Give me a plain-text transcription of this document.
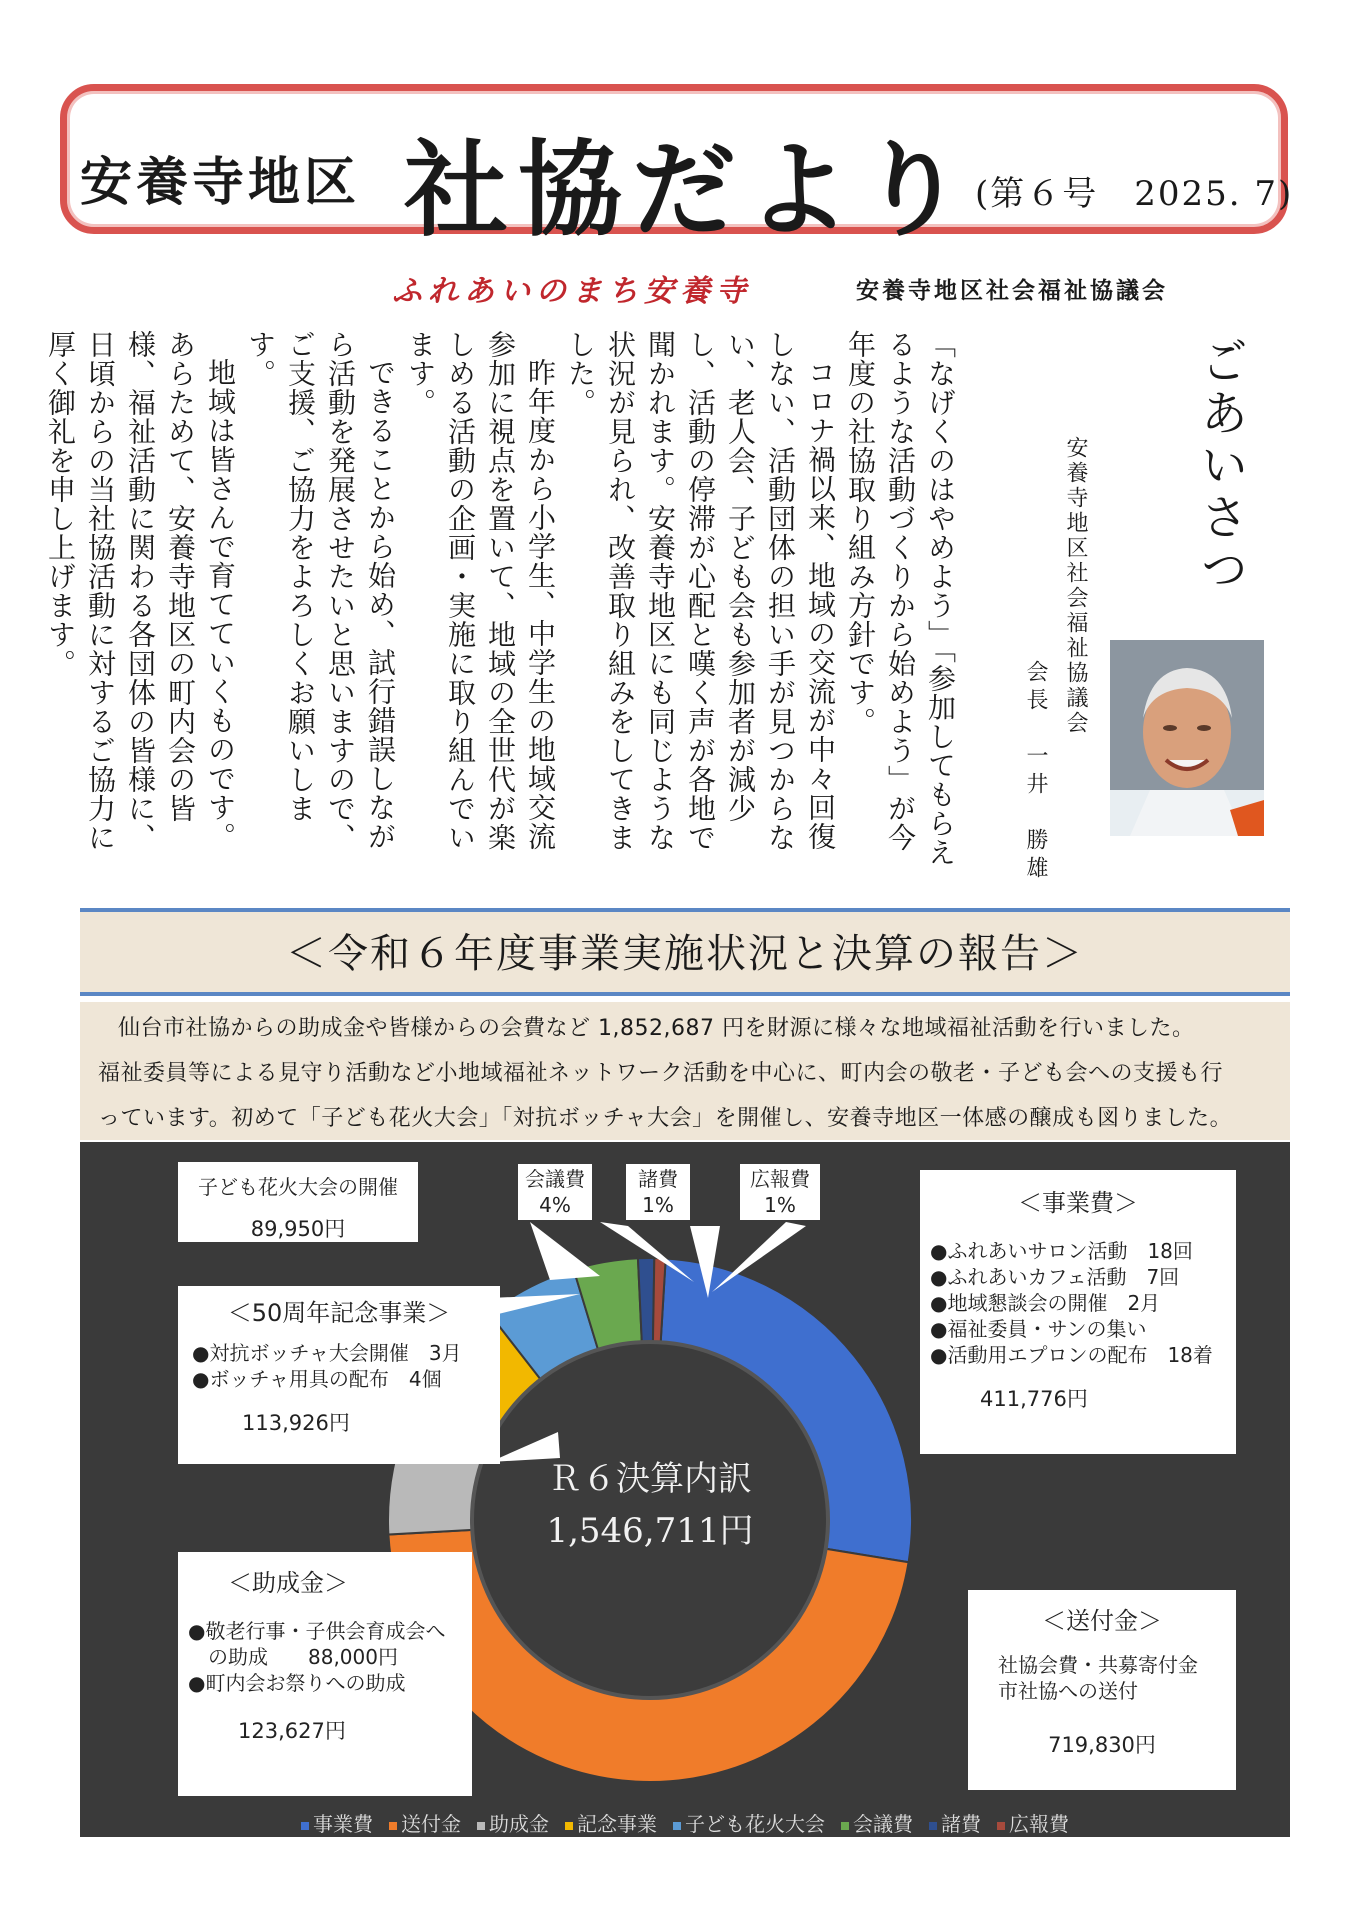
安養寺地区 社協だより (第６号　2025. 7)
ふれあいのまち安養寺	安養寺地区社会福祉協議会
ごあいさつ
安養寺地区社会福祉協議会
会長　一井　勝雄

「なげくのはやめよう」「参加してもらえるような活動づくりから始めよう」が今年度の社協取り組み方針です。

コロナ禍以来、地域の交流が中々回復しない、活動団体の担い手が見つからない、老人会、子ども会も参加者が減少し、活動の停滞が心配と嘆く声が各地で聞かれます。安養寺地区にも同じような状況が見られ、改善取り組みをしてきました。

昨年度から小学生、中学生の地域交流参加に視点を置いて、地域の全世代が楽しめる活動の企画・実施に取り組んでいます。

できることから始め、試行錯誤しながら活動を発展させたいと思いますので、ご支援、ご協力をよろしくお願いします。

地域は皆さんで育てていくものです。

あらためて、安養寺地区の町内会の皆様、福祉活動に関わる各団体の皆様に、日頃からの当社協活動に対するご協力に厚く御礼を申し上げます。

＜令和６年度事業実施状況と決算の報告＞

仙台市社協からの助成金や皆様からの会費など 1,852,687 円を財源に様々な地域福祉活動を行いました。

福祉委員等による見守り活動など小地域福祉ネットワーク活動を中心に、町内会の敬老・子ども会への支援も行

っています。初めて「子ども花火大会」「対抗ボッチャ大会」を開催し、安養寺地区一体感の醸成も図りました。

Ｒ６決算内訳
1,546,711円
子ども花火大会の開催
89,950円
＜50周年記念事業＞
●対抗ボッチャ大会開催　3月
●ボッチャ用具の配布　4個
113,926円
＜助成金＞
●敬老行事・子供会育成会へ
　の助成　　88,000円
●町内会お祭りへの助成
123,627円
会議費
4%
諸費
1%
広報費
1%	＜事業費＞
●ふれあいサロン活動　18回
●ふれあいカフェ活動　7回
●地域懇談会の開催　2月
●福祉委員・サンの集い
●活動用エプロンの配布　18着
411,776円
＜送付金＞
社協会費・共募寄付金
市社協への送付
719,830円
事業費 送付金 助成金 記念事業 子ども花火大会 会議費 諸費 広報費
